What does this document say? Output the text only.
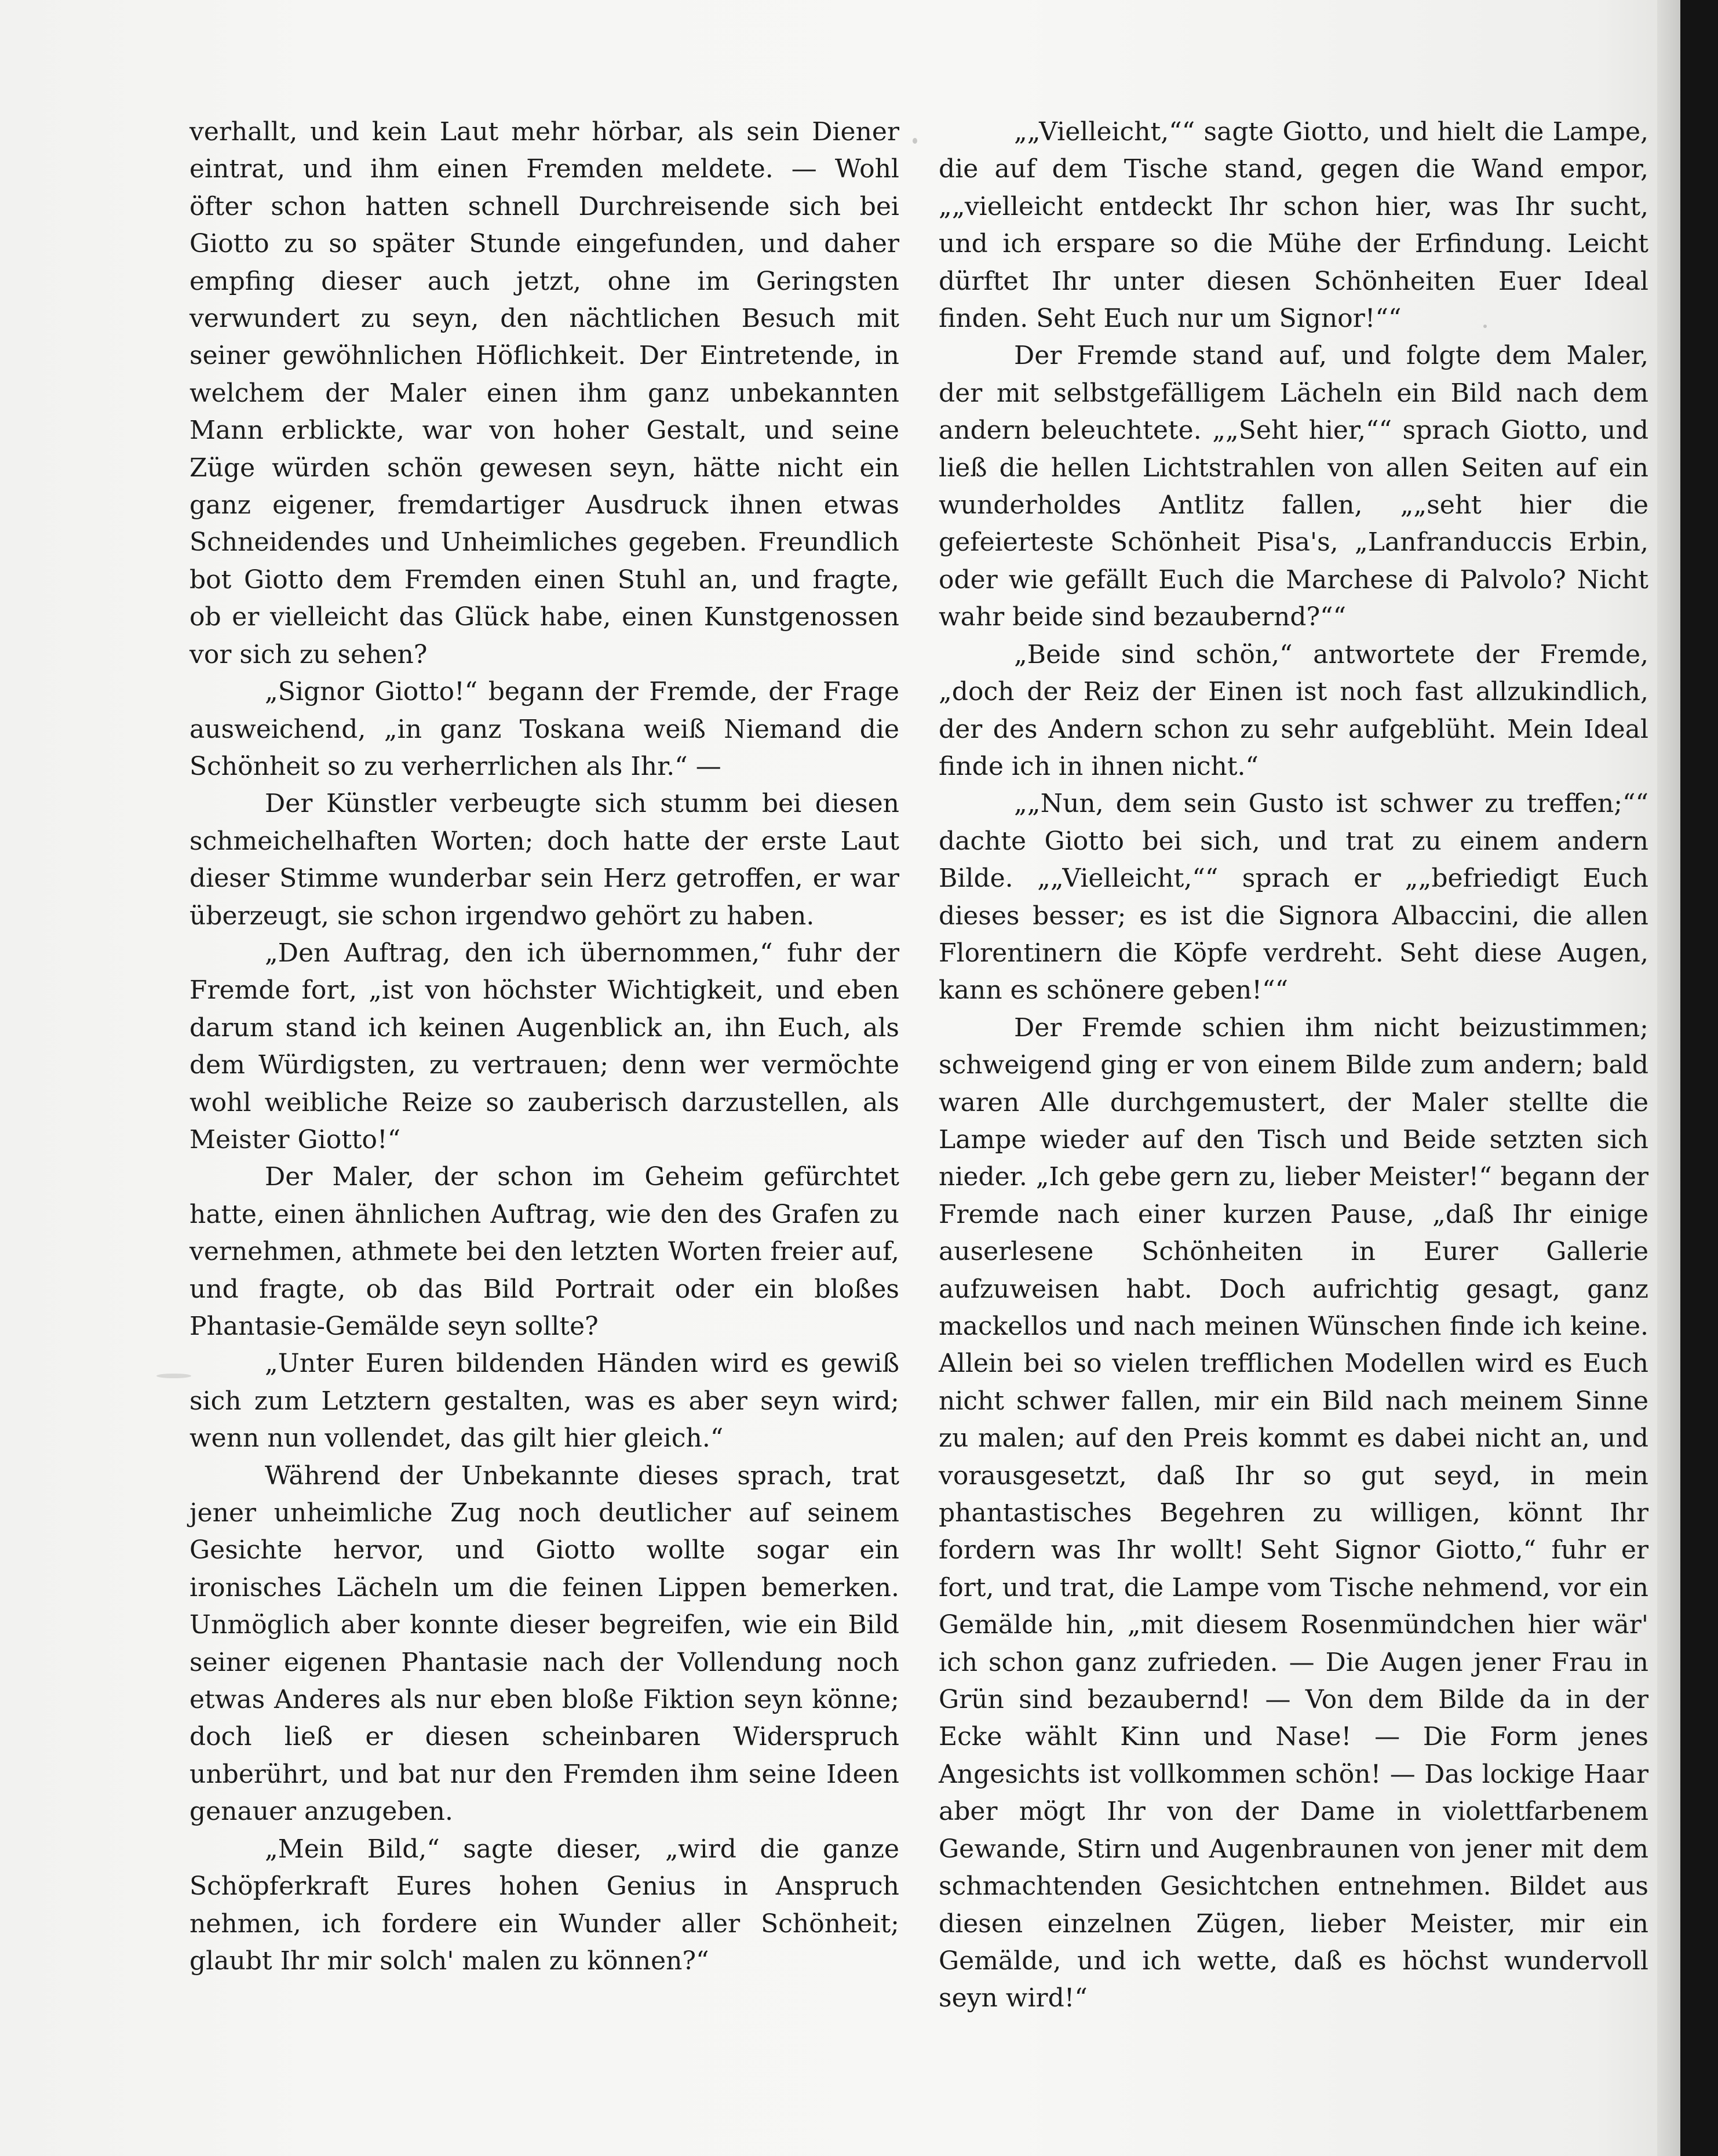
verhallt, und kein Laut mehr hörbar, als sein Diener eintrat, und ihm einen Fremden meldete. — Wohl öfter schon hatten schnell Durchreisende sich bei Giotto zu so später Stunde eingefunden, und daher empfing dieser auch jetzt, ohne im Geringsten verwundert zu seyn, den nächtlichen Besuch mit seiner gewöhnlichen Höflichkeit. Der Eintretende, in welchem der Maler einen ihm ganz unbekannten Mann erblickte, war von hoher Gestalt, und seine Züge würden schön gewesen seyn, hätte nicht ein ganz eigener, fremdartiger Ausdruck ihnen etwas Schneidendes und Unheimliches gegeben. Freundlich bot Giotto dem Fremden einen Stuhl an, und fragte, ob er vielleicht das Glück habe, einen Kunstgenossen vor sich zu sehen?

„Signor Giotto!“ begann der Fremde, der Frage ausweichend, „in ganz Toskana weiß Niemand die Schönheit so zu verherrlichen als Ihr.“ —

Der Künstler verbeugte sich stumm bei diesen schmeichelhaften Worten; doch hatte der erste Laut dieser Stimme wunderbar sein Herz getroffen, er war überzeugt, sie schon irgendwo gehört zu haben.

„Den Auftrag, den ich übernommen,“ fuhr der Fremde fort, „ist von höchster Wichtigkeit, und eben darum stand ich keinen Augenblick an, ihn Euch, als dem Würdigsten, zu vertrauen; denn wer vermöchte wohl weibliche Reize so zauberisch darzustellen, als Meister Giotto!“

Der Maler, der schon im Geheim gefürchtet hatte, einen ähnlichen Auftrag, wie den des Grafen zu vernehmen, athmete bei den letzten Worten freier auf, und fragte, ob das Bild Portrait oder ein bloßes Phantasie-Gemälde seyn sollte?

„Unter Euren bildenden Händen wird es gewiß sich zum Letztern gestalten, was es aber seyn wird; wenn nun vollendet, das gilt hier gleich.“

Während der Unbekannte dieses sprach, trat jener unheimliche Zug noch deutlicher auf seinem Gesichte hervor, und Giotto wollte sogar ein ironisches Lächeln um die feinen Lippen bemerken. Unmöglich aber konnte dieser begreifen, wie ein Bild seiner eigenen Phantasie nach der Vollendung noch etwas Anderes als nur eben bloße Fiktion seyn könne; doch ließ er diesen scheinbaren Widerspruch unberührt, und bat nur den Fremden ihm seine Ideen genauer anzugeben.

„Mein Bild,“ sagte dieser, „wird die ganze Schöpferkraft Eures hohen Genius in Anspruch nehmen, ich fordere ein Wunder aller Schönheit; glaubt Ihr mir solch' malen zu können?“

„„Vielleicht,““ sagte Giotto, und hielt die Lampe, die auf dem Tische stand, gegen die Wand empor, „„vielleicht entdeckt Ihr schon hier, was Ihr sucht, und ich erspare so die Mühe der Erfindung. Leicht dürftet Ihr unter diesen Schönheiten Euer Ideal finden. Seht Euch nur um Signor!““

Der Fremde stand auf, und folgte dem Maler, der mit selbstgefälligem Lächeln ein Bild nach dem andern beleuchtete. „„Seht hier,““ sprach Giotto, und ließ die hellen Lichtstrahlen von allen Seiten auf ein wunderholdes Antlitz fallen, „„seht hier die gefeierteste Schönheit Pisa's, „Lanfranduccis Erbin, oder wie gefällt Euch die Marchese di Palvolo? Nicht wahr beide sind bezaubernd?““

„Beide sind schön,“ antwortete der Fremde, „doch der Reiz der Einen ist noch fast allzukindlich, der des Andern schon zu sehr aufgeblüht. Mein Ideal finde ich in ihnen nicht.“

„„Nun, dem sein Gusto ist schwer zu treffen;““ dachte Giotto bei sich, und trat zu einem andern Bilde. „„Vielleicht,““ sprach er „„befriedigt Euch dieses besser; es ist die Signora Albaccini, die allen Florentinern die Köpfe verdreht. Seht diese Augen, kann es schönere geben!““

Der Fremde schien ihm nicht beizustimmen; schweigend ging er von einem Bilde zum andern; bald waren Alle durchgemustert, der Maler stellte die Lampe wieder auf den Tisch und Beide setzten sich nieder. „Ich gebe gern zu, lieber Meister!“ begann der Fremde nach einer kurzen Pause, „daß Ihr einige auserlesene Schönheiten in Eurer Gallerie aufzuweisen habt. Doch aufrichtig gesagt, ganz mackellos und nach meinen Wünschen finde ich keine. Allein bei so vielen trefflichen Modellen wird es Euch nicht schwer fallen, mir ein Bild nach meinem Sinne zu malen; auf den Preis kommt es dabei nicht an, und vorausgesetzt, daß Ihr so gut seyd, in mein phantastisches Begehren zu willigen, könnt Ihr fordern was Ihr wollt! Seht Signor Giotto,“ fuhr er fort, und trat, die Lampe vom Tische nehmend, vor ein Gemälde hin, „mit diesem Rosenmündchen hier wär' ich schon ganz zufrieden. — Die Augen jener Frau in Grün sind bezaubernd! — Von dem Bilde da in der Ecke wählt Kinn und Nase! — Die Form jenes Angesichts ist vollkommen schön! — Das lockige Haar aber mögt Ihr von der Dame in violettfarbenem Gewande, Stirn und Augenbraunen von jener mit dem schmachtenden Gesichtchen entnehmen. Bildet aus diesen einzelnen Zügen, lieber Meister, mir ein Gemälde, und ich wette, daß es höchst wundervoll seyn wird!“
